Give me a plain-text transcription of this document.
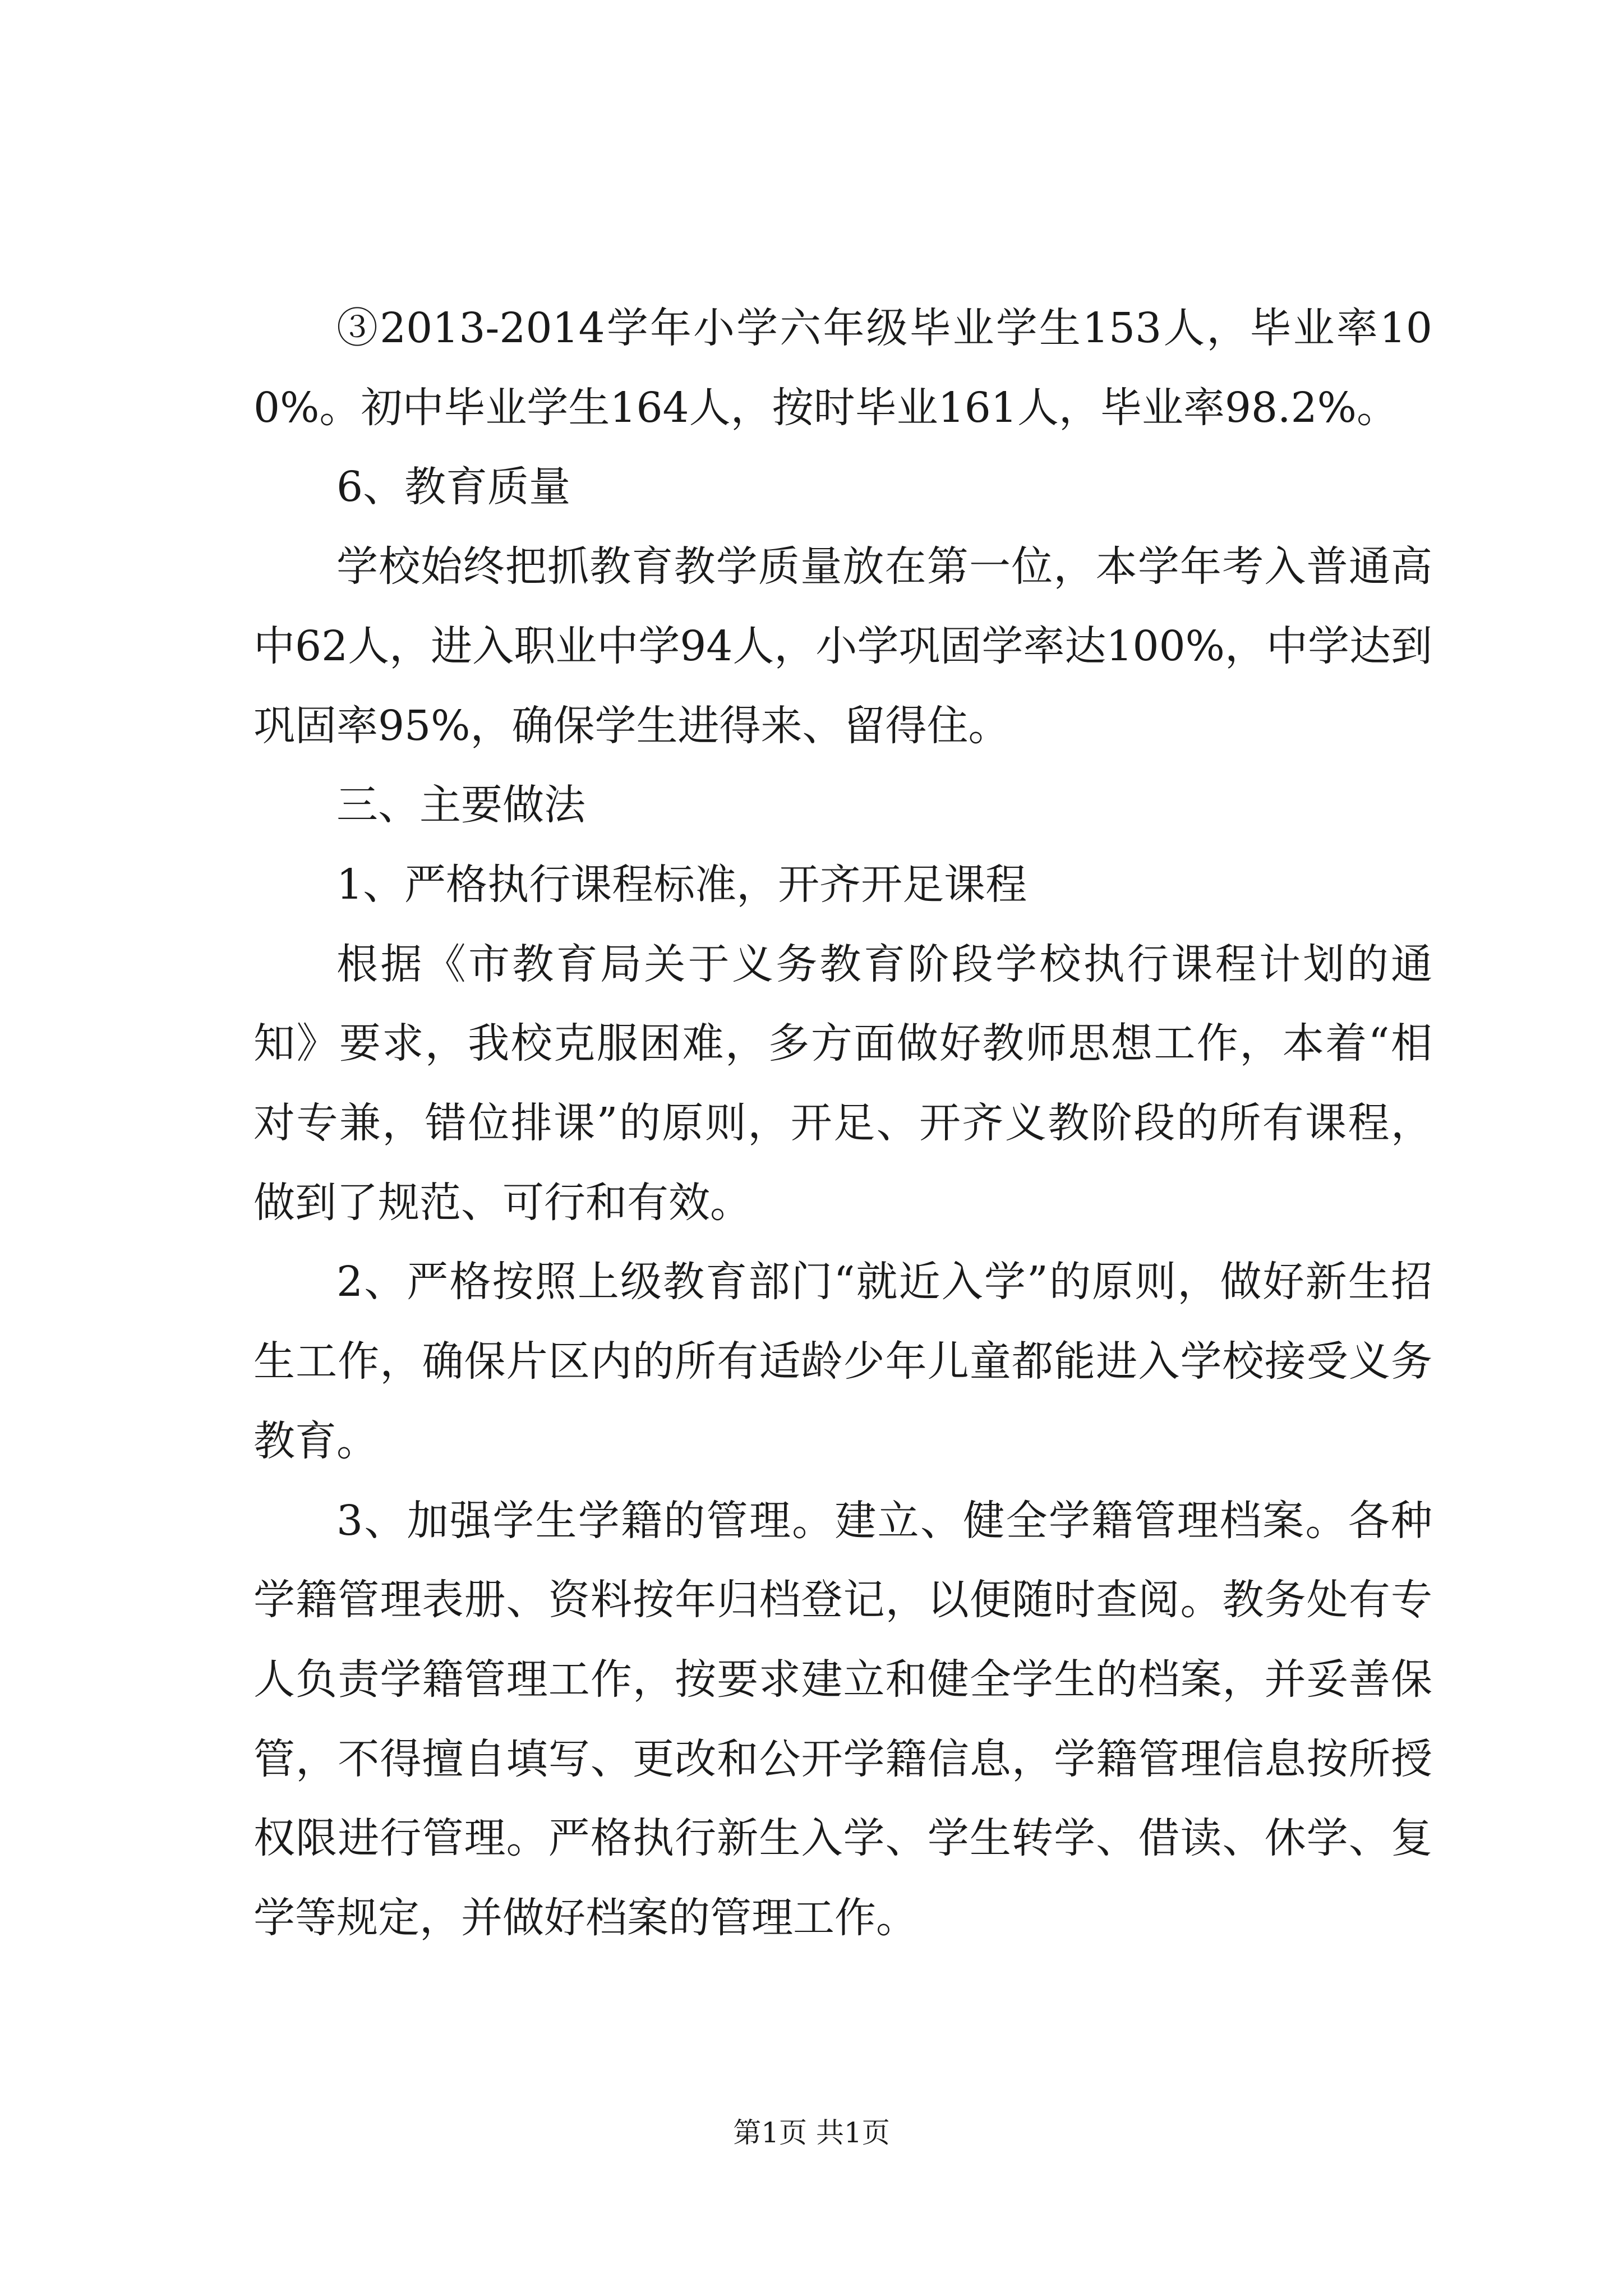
③2013-2014学年小学六年级毕业学生153人，毕业率100%。初中毕业学生164人，按时毕业161人，毕业率98.2%。

6、教育质量

学校始终把抓教育教学质量放在第一位，本学年考入普通高中62人，进入职业中学94人，小学巩固学率达100%，中学达到巩固率95%，确保学生进得来、留得住。

三、主要做法

1、严格执行课程标准，开齐开足课程

根据《市教育局关于义务教育阶段学校执行课程计划的通知》要求，我校克服困难，多方面做好教师思想工作，本着“相对专兼，错位排课”的原则，开足、开齐义教阶段的所有课程，做到了规范、可行和有效。

2、严格按照上级教育部门“就近入学”的原则，做好新生招生工作，确保片区内的所有适龄少年儿童都能进入学校接受义务教育。

3、加强学生学籍的管理。建立、健全学籍管理档案。各种学籍管理表册、资料按年归档登记，以便随时查阅。教务处有专人负责学籍管理工作，按要求建立和健全学生的档案，并妥善保管，不得擅自填写、更改和公开学籍信息，学籍管理信息按所授权限进行管理。严格执行新生入学、学生转学、借读、休学、复学等规定，并做好档案的管理工作。

第1页 共1页
